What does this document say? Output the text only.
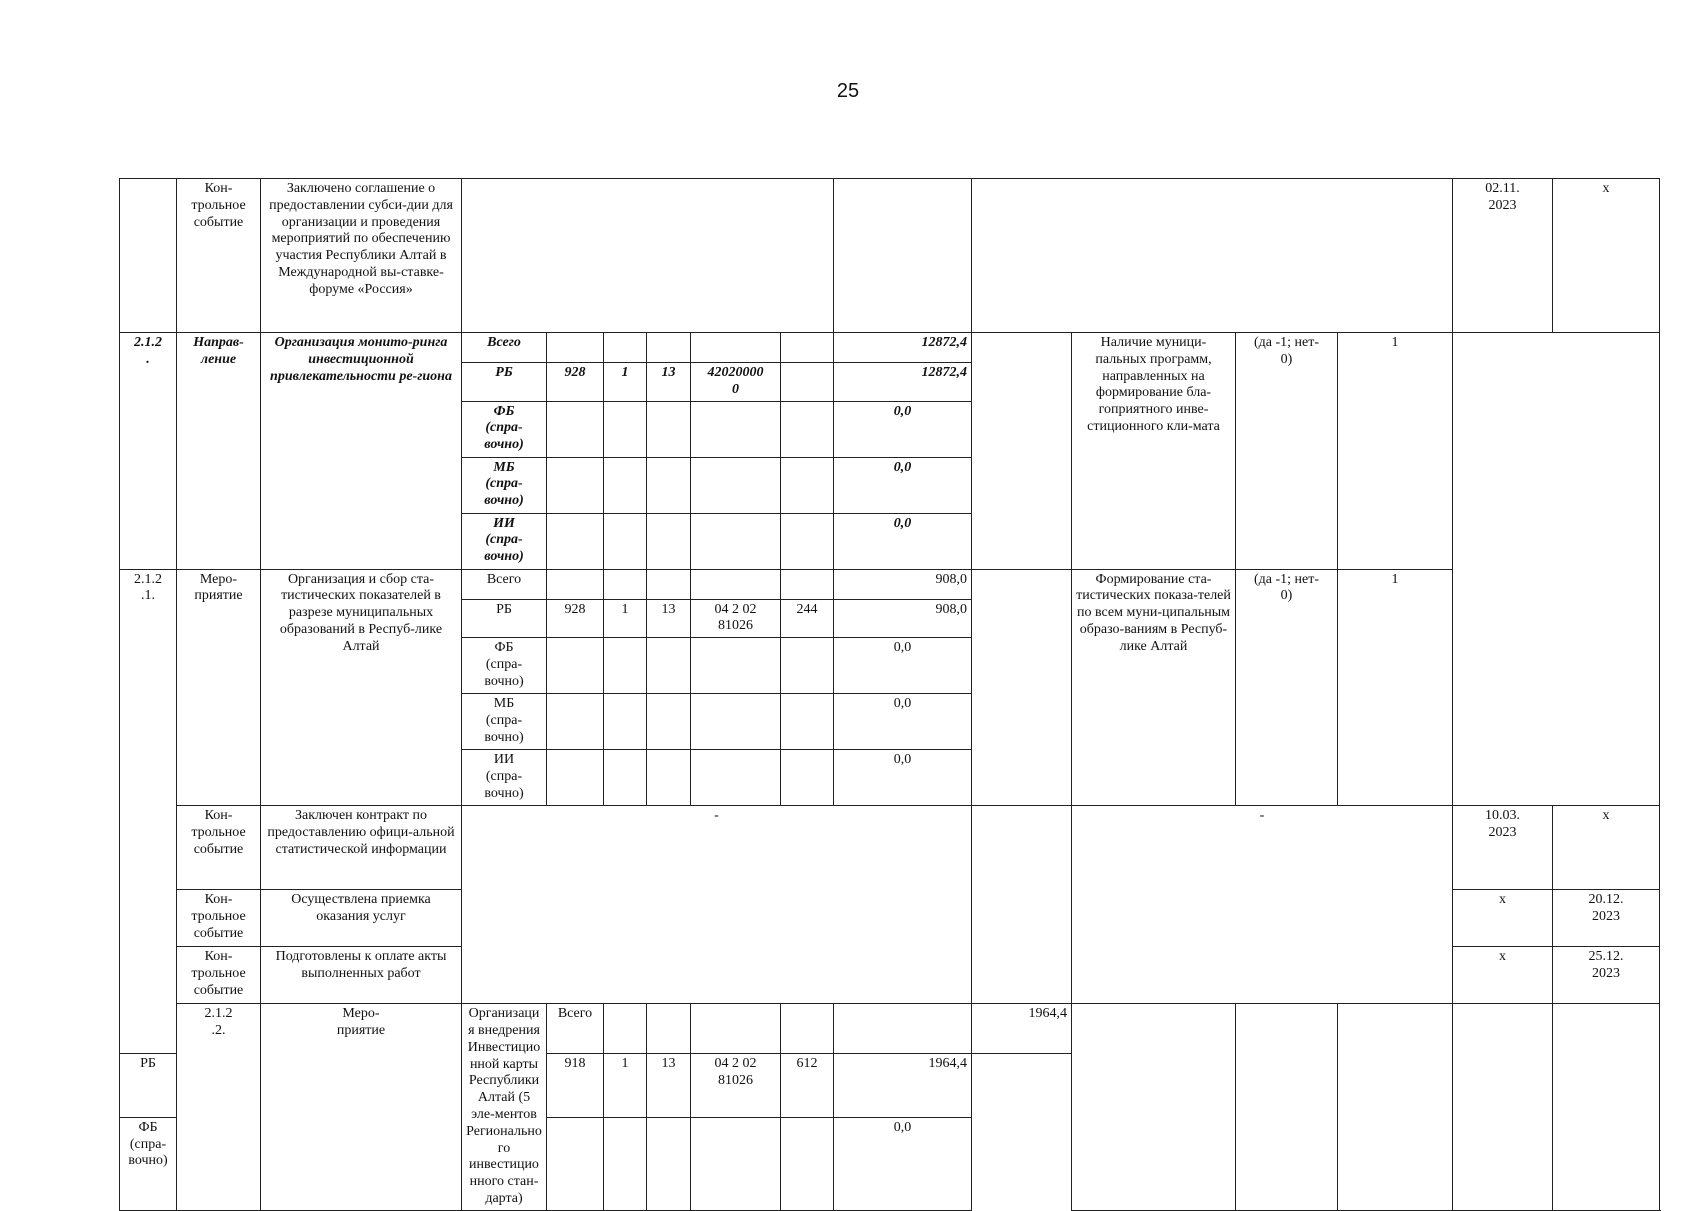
25
	Кон-
трольное
событие	Заключено соглашение о предоставлении субси-дии для организации и проведения мероприятий по обеспечению участия Республики Алтай в Международной вы-ставке-форуме «Россия»												02.11.
2023	x
2.1.2
.	Направ-
ление	Организация монито-ринга инвестиционной привлекательности ре-гиона	Всего						12872,4		Наличие муници-пальных программ, направленных на формирование бла-гоприятного инве-стиционного кли-мата	(да -1; нет-
0)	1		
			РБ	928	1	13	42020000
0		12872,4						
			ФБ
(спра-
вочно)						0,0						
			МБ
(спра-
вочно)						0,0						
			ИИ
(спра-
вочно)						0,0						
2.1.2
.1.	Меро-
приятие	Организация и сбор ста-тистических показателей в разрезе муниципальных образований в Респуб-лике Алтай	Всего						908,0		Формирование ста-тистических показа-телей по всем муни-ципальным образо-ваниям в Респуб-лике Алтай	(да -1; нет-
0)	1		
			РБ	928	1	13	04 2 02
81026	244	908,0						
			ФБ
(спра-
вочно)						0,0						
			МБ
(спра-
вочно)						0,0						
			ИИ
(спра-
вочно)						0,0						
	Кон-
трольное
событие	Заключен контракт по предоставлению офици-альной статистической информации	-								-			10.03.
2023	x
	Кон-
трольное
событие	Осуществлена приемка оказания услуг												x	20.12.
2023
	Кон-
трольное
событие	Подготовлены к оплате акты выполненных работ												x	25.12.
2023
	2.1.2
.2.	Меро-
приятие	Организация внедрения Инвестиционной карты Республики Алтай (5 эле-ментов Регионального инвестиционного стан-дарта)	Всего						1964,4					
РБ				918	1	13	04 2 02
81026	612	1964,4						
ФБ
(спра-
вочно)									0,0						
